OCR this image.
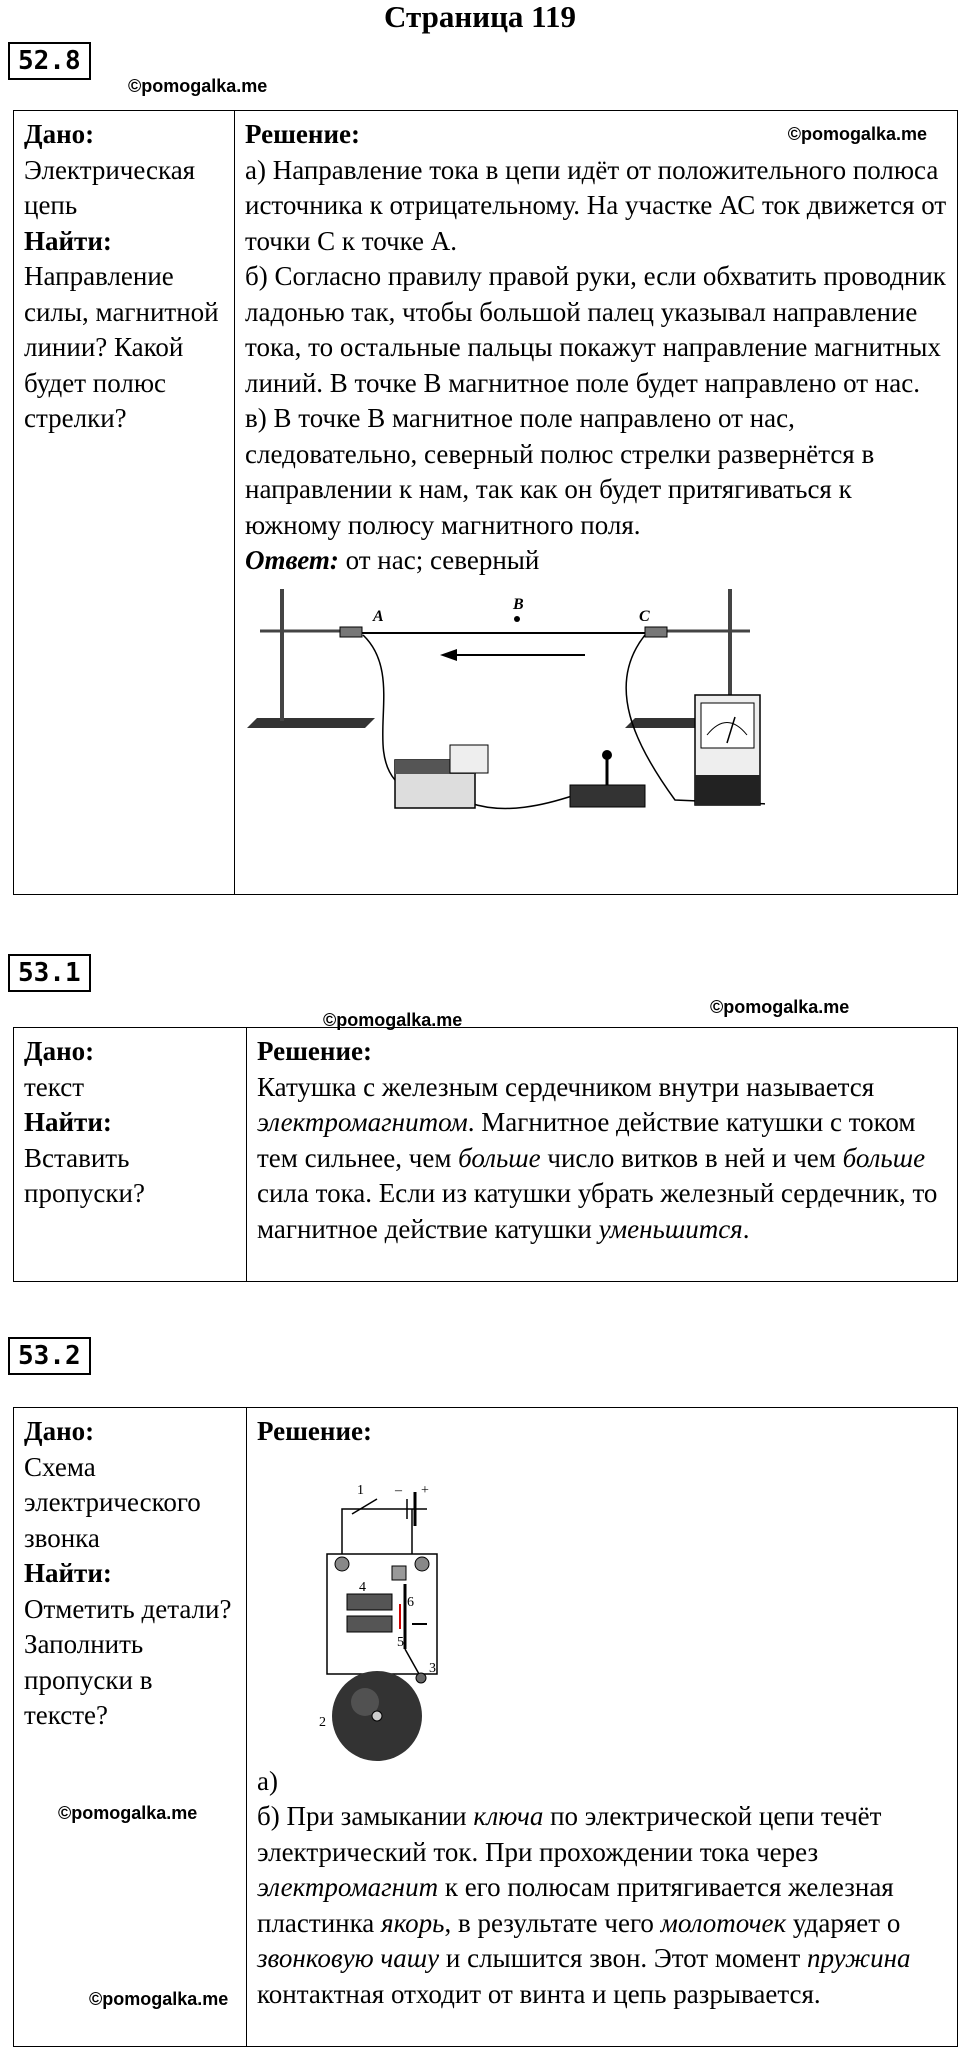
Страница 119
52.8
©pomogalka.me
Дано:
Электрическая цепь
Найти:
Направление силы, магнитной линии? Какой будет полюс стрелки?

Решение:	©pomogalka.me

а) Направление тока в цепи идёт от положительного полюса источника к отрицательному. На участке АС ток движется от точки С к точке А.

б) Согласно правилу правой руки, если обхватить проводник ладонью так, чтобы большой палец указывал направление тока, то остальные пальцы покажут направление магнитных линий. В точке В магнитное поле будет направлено от нас.

в) В точке В магнитное поле направлено от нас, следовательно, северный полюс стрелки развернётся в направлении к нам, так как он будет притягиваться к южному полюсу магнитного поля.

Ответ: от нас; северный

A
B
C
53.1
©pomogalka.me
©pomogalka.me
Дано:
текст
Найти:
Вставить пропуски?

Решение:

Катушка с железным сердечником внутри называется электромагнитом. Магнитное действие катушки с током тем сильнее, чем больше число витков в ней и чем больше сила тока. Если из катушки убрать железный сердечник, то магнитное действие катушки уменьшится.

53.2
Дано:
Схема электрического звонка
Найти:
Отметить детали? Заполнить пропуски в тексте?
©pomogalka.me
©pomogalka.me

Решение:
1 – +
4
6
5
3
2

а)

б) При замыкании ключа по электрической цепи течёт электрический ток. При прохождении тока через электромагнит к его полюсам притягивается железная пластинка якорь, в результате чего молоточек ударяет о звонковую чашу и слышится звон. Этот момент пружина контактная отходит от винта и цепь разрывается.
